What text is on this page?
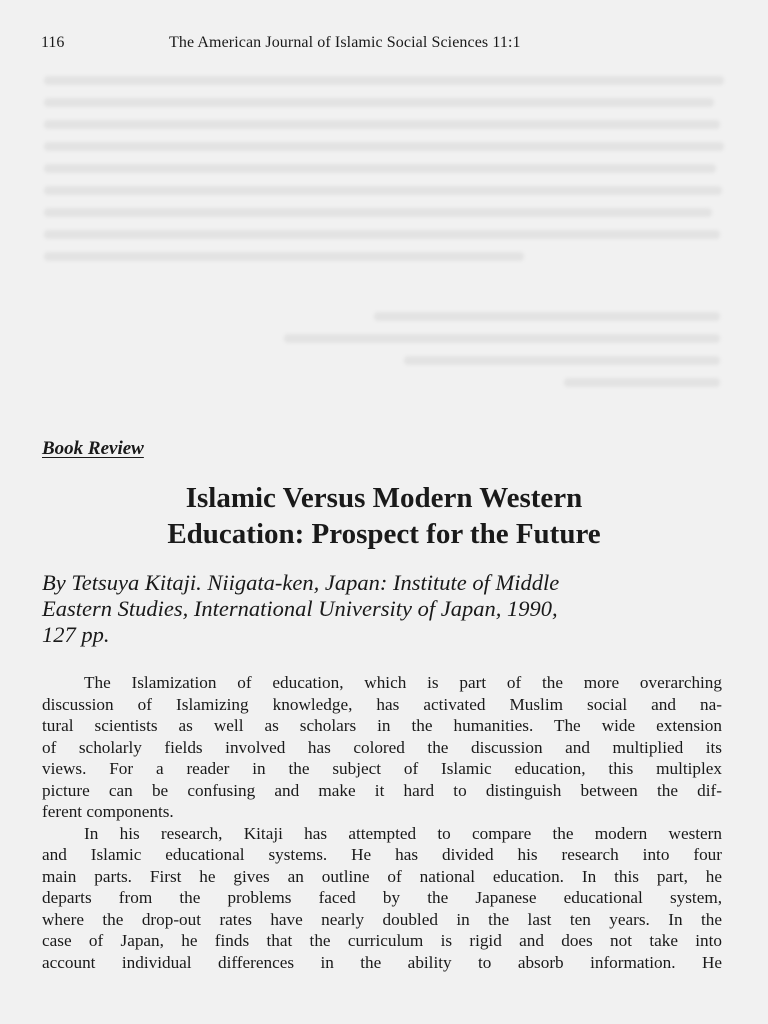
116	The American Journal of Islamic Social Sciences 11:1
Book Review
Islamic Versus Modern Western
Education: Prospect for the Future
By Tetsuya Kitaji. Niigata-ken, Japan: Institute of Middle
Eastern Studies, International University of Japan, 1990,
127 pp.
The Islamization of education, which is part of the more overarching
discussion of Islamizing knowledge, has activated Muslim social and na-
tural scientists as well as scholars in the humanities. The wide extension
of scholarly fields involved has colored the discussion and multiplied its
views. For a reader in the subject of Islamic education, this multiplex
picture can be confusing and make it hard to distinguish between the dif-
ferent components.
In his research, Kitaji has attempted to compare the modern western
and Islamic educational systems. He has divided his research into four
main parts. First he gives an outline of national education. In this part, he
departs from the problems faced by the Japanese educational system,
where the drop-out rates have nearly doubled in the last ten years. In the
case of Japan, he finds that the curriculum is rigid and does not take into
account individual differences in the ability to absorb information. He
